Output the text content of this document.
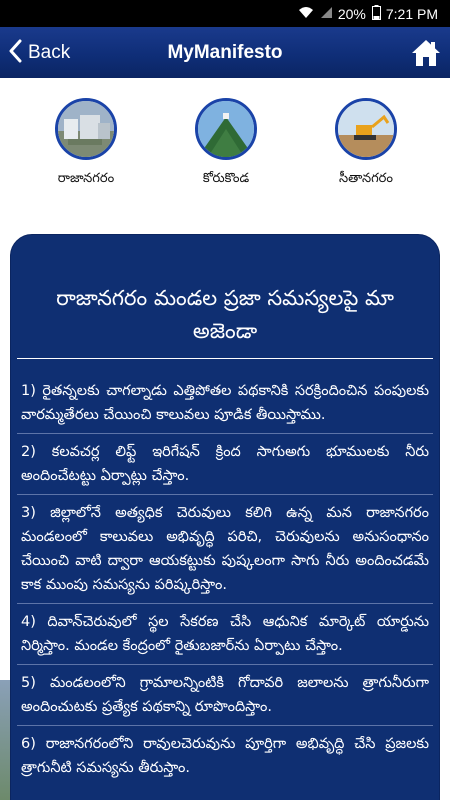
20% 7:21 PM
MyManifesto
Back
రాజానగరం	కోరుకొండ	సీతానగరం
రాజానగరం మండల ప్రజా సమస్యలపై మా అజెండా
1) రైతన్నలకు చాగల్నాడు ఎత్తిపోతల పథకానికి సరక్రిందించిన పంపులకు వారమ్మతేరలు చేయించి కాలువలు పూడిక తీయిస్తాము.
2) కలవచర్ల లిఫ్ట్ ఇరిగేషన్ క్రింద సాగుఅగు భూములకు నీరు అందించేటట్టు ఏర్పాట్లు చేస్తాం.
3) జిల్లాలోనే అత్యధిక చెరువులు కలిగి ఉన్న మన రాజానగరం మండలంలో కాలువలు అభివృద్ధి పరిచి, చెరువులను అనుసంధానం చేయించి వాటి ద్వారా ఆయకట్టుకు పుష్కలంగా సాగు నీరు అందించడమే కాక ముంపు సమస్యను పరిష్కరిస్తాం.
4) దివాన్‌చెరువులో స్థల సేకరణ చేసి ఆధునిక మార్కెట్ యార్డును నిర్మిస్తాం. మండల కేంద్రంలో రైతుబజార్‌ను ఏర్పాటు చేస్తాం.
5) మండలంలోని గ్రామాలన్నింటికి గోదావరి జలాలను త్రాగునీరుగా అందించుటకు ప్రత్యేక పథకాన్ని రూపొందిస్తాం.
6) రాజానగరంలోని రావులచెరువును పూర్తిగా అభివృద్ధి చేసి ప్రజలకు త్రాగునీటి సమస్యను తీరుస్తాం.
